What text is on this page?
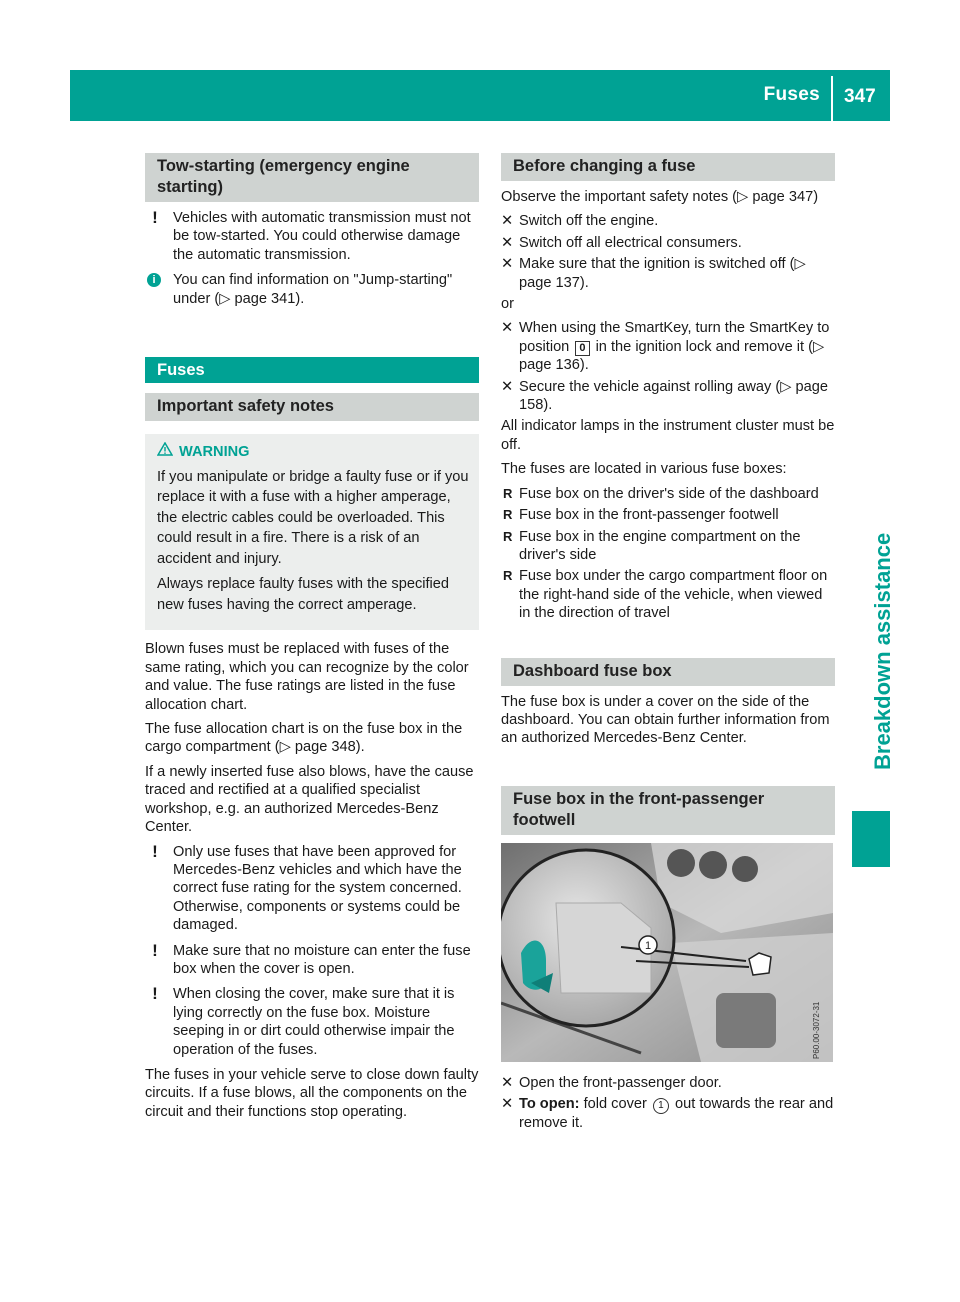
Fuses 347
Breakdown assistance
Tow-starting (emergency engine starting)
!	Vehicles with automatic transmission must not be tow-started. You could otherwise damage the automatic transmission.
i	You can find information on "Jump-starting" under (▷ page 341).
Fuses
Important safety notes
WARNING

If you manipulate or bridge a faulty fuse or if you replace it with a fuse with a higher amperage, the electric cables could be overloaded. This could result in a fire. There is a risk of an accident and injury.

Always replace faulty fuses with the specified new fuses having the correct amperage.

Blown fuses must be replaced with fuses of the same rating, which you can recognize by the color and value. The fuse ratings are listed in the fuse allocation chart.

The fuse allocation chart is on the fuse box in the cargo compartment (▷ page 348).

If a newly inserted fuse also blows, have the cause traced and rectified at a qualified specialist workshop, e.g. an authorized Mercedes-Benz Center.

!	Only use fuses that have been approved for Mercedes-Benz vehicles and which have the correct fuse rating for the system concerned. Otherwise, components or systems could be damaged.
!	Make sure that no moisture can enter the fuse box when the cover is open.
!	When closing the cover, make sure that it is lying correctly on the fuse box. Moisture seeping in or dirt could otherwise impair the operation of the fuses.

The fuses in your vehicle serve to close down faulty circuits. If a fuse blows, all the components on the circuit and their functions stop operating.

Before changing a fuse

Observe the important safety notes (▷ page 347)

✕ Switch off the engine.
✕ Switch off all electrical consumers.
✕ Make sure that the ignition is switched off (▷ page 137).

or

✕ When using the SmartKey, turn the SmartKey to position 0 in the ignition lock and remove it (▷ page 136).
✕ Secure the vehicle against rolling away (▷ page 158).

All indicator lamps in the instrument cluster must be off.

The fuses are located in various fuse boxes:

R Fuse box on the driver's side of the dashboard
R Fuse box in the front-passenger footwell
R Fuse box in the engine compartment on the driver's side
R Fuse box under the cargo compartment floor on the right-hand side of the vehicle, when viewed in the direction of travel
Dashboard fuse box

The fuse box is under a cover on the side of the dashboard. You can obtain further information from an authorized Mercedes-Benz Center.

Fuse box in the front-passenger footwell
1
P60.00-3072-31
✕ Open the front-passenger door.
✕ To open: fold cover 1 out towards the rear and remove it.
